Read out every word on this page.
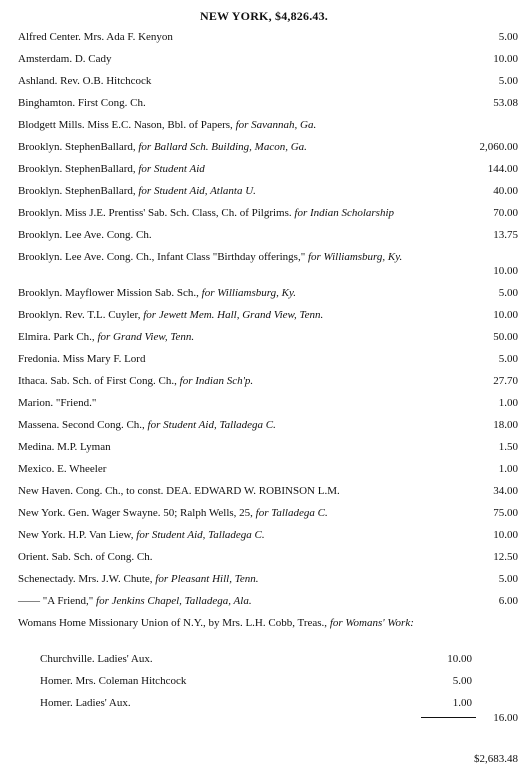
NEW YORK, $4,826.43.
Alfred Center. Mrs. Ada F. Kenyon	5.00
Amsterdam. D. Cady	10.00
Ashland. Rev. O.B. Hitchcock	5.00
Binghamton. First Cong. Ch.	53.08
Blodgett Mills. Miss E.C. Nason, Bbl. of Papers, for Savannah, Ga.
Brooklyn. StephenBallard, for Ballard Sch. Building, Macon, Ga.	2,060.00
Brooklyn. StephenBallard, for Student Aid	144.00
Brooklyn. StephenBallard, for Student Aid, Atlanta U.	40.00
Brooklyn. Miss J.E. Prentiss' Sab. Sch. Class, Ch. of Pilgrims. for Indian Scholarship	70.00
Brooklyn. Lee Ave. Cong. Ch.	13.75
Brooklyn. Lee Ave. Cong. Ch., Infant Class "Birthday offerings," for Williamsburg, Ky.
10.00
Brooklyn. Mayflower Mission Sab. Sch., for Williamsburg, Ky.	5.00
Brooklyn. Rev. T.L. Cuyler, for Jewett Mem. Hall, Grand View, Tenn.	10.00
Elmira. Park Ch., for Grand View, Tenn.	50.00
Fredonia. Miss Mary F. Lord	5.00
Ithaca. Sab. Sch. of First Cong. Ch., for Indian Sch'p.	27.70
Marion. "Friend."	1.00
Massena. Second Cong. Ch., for Student Aid, Talladega C.	18.00
Medina. M.P. Lyman	1.50
Mexico. E. Wheeler	1.00
New Haven. Cong. Ch., to const. DEA. EDWARD W. ROBINSON L.M.	34.00
New York. Gen. Wager Swayne. 50; Ralph Wells, 25, for Talladega C.	75.00
New York. H.P. Van Liew, for Student Aid, Talladega C.	10.00
Orient. Sab. Sch. of Cong. Ch.	12.50
Schenectady. Mrs. J.W. Chute, for Pleasant Hill, Tenn.	5.00
—— "A Friend," for Jenkins Chapel, Talladega, Ala.	6.00
Womans Home Missionary Union of N.Y., by Mrs. L.H. Cobb, Treas., for Womans' Work:
Churchville. Ladies' Aux.	10.00
Homer. Mrs. Coleman Hitchcock	5.00
Homer. Ladies' Aux.	1.00
16.00
$2,683.48
